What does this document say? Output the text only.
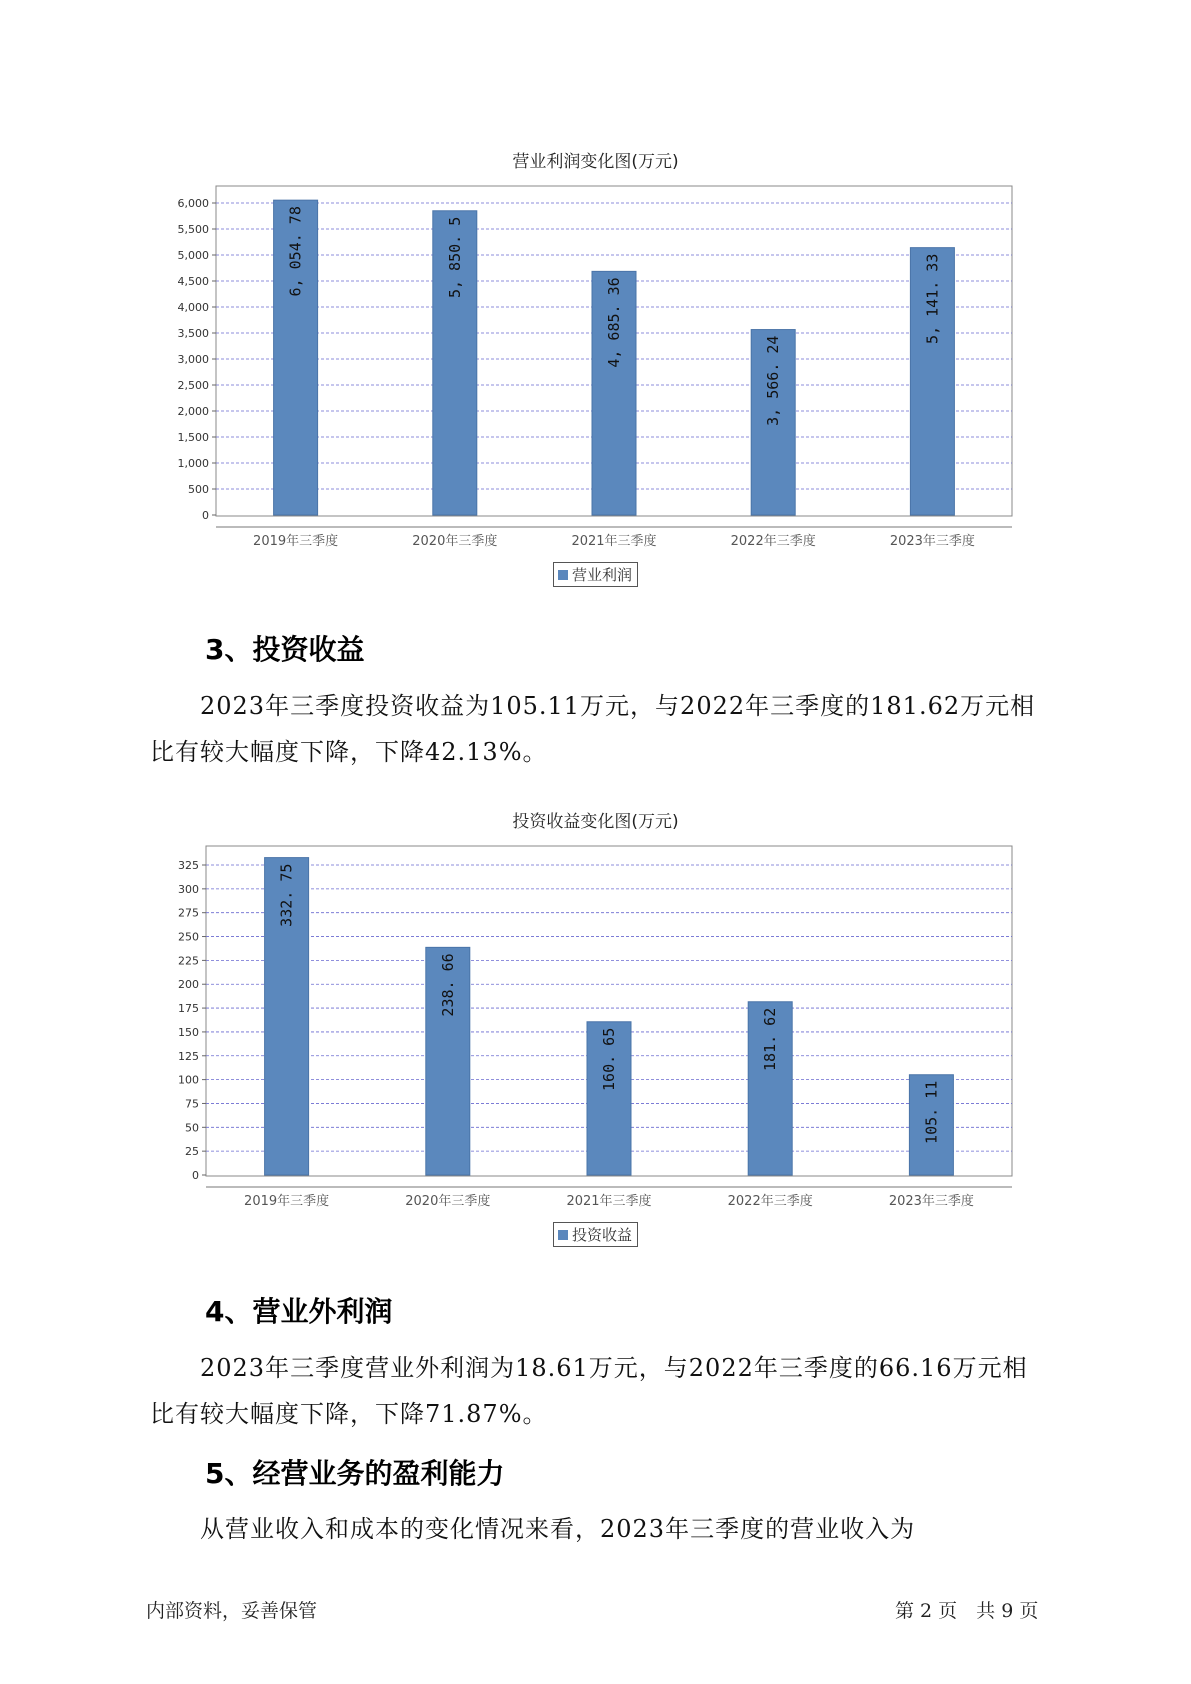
营业利润变化图(万元)
0
500
1,000
1,500
2,000
2,500
3,000
3,500
4,000
4,500
5,000
5,500
6,000
6, 054. 78
2019年三季度
5, 850. 5
2020年三季度
4, 685. 36
2021年三季度
3, 566. 24
2022年三季度
5, 141. 33
2023年三季度
营业利润
3、投资收益

2023年三季度投资收益为105.11万元，与2022年三季度的181.62万元相比有较大幅度下降，下降42.13%。

投资收益变化图(万元)
0
25
50
75
100
125
150
175
200
225
250
275
300
325	332. 75
2019年三季度
238. 66
2020年三季度
160. 65
2021年三季度
181. 62
2022年三季度
105. 11
2023年三季度
投资收益
4、营业外利润

2023年三季度营业外利润为18.61万元，与2022年三季度的66.16万元相比有较大幅度下降，下降71.87%。

5、经营业务的盈利能力

从营业收入和成本的变化情况来看，2023年三季度的营业收入为

内部资料，妥善保管	第 2 页　共 9 页
